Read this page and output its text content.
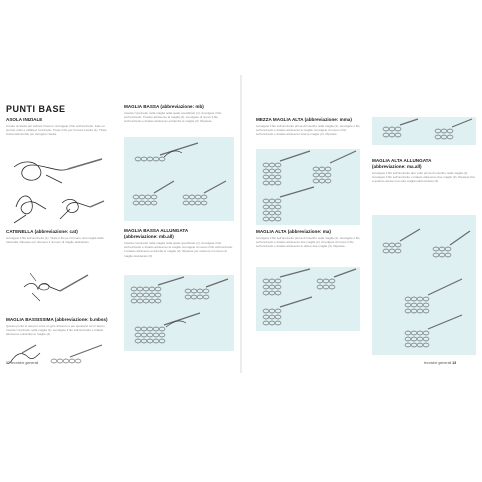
PUNTI BASE
ASOLA INIZIALE
Create un'asola per iniziare il lavoro. Avvolgete il filo sull'uncinetto. Fate un piccolo nodo e infilatevi l'uncinetto. Tirate il filo per formare l'asola (1). Tirate l'estremità del filo per stringere l'asola.
CATENELLA (abbreviazione: cat)
Avvolgete il filo sull'uncinetto (1). Tirate il filo per formare una maglia della catenella. Ripetete per ottenere il numero di maglie desiderato.
MAGLIA BASSISSIMA (abbreviazione: b.mbss)
Questo punto si usa per unire un giro al lavoro o per spostarvi con il lavoro. Inserite l'uncinetto nella maglia (1). Avvolgete il filo sull'uncinetto e tiratelo attraverso entrambe le maglie (2).
MAGLIA BASSA (abbreviazione: mb)
Inserite l'uncinetto nella maglia nella quale specificato (1). Avvolgete il filo sull'uncinetto. Tiratelo attraverso la maglia (2). Avvolgete di nuovo il filo sull'uncinetto e tiratelo attraverso entrambe le maglie (3). Ripetete.
MAGLIA BASSA ALLUNGATA
(abbreviazione: mb.all)
Inserite l'uncinetto nella maglia nella quale specificato (1). Avvolgete il filo sull'uncinetto e tiratelo attraverso la maglia. Avvolgete di nuovo il filo sull'uncinetto e tiratelo attraverso entrambe le maglie (2). Ripetete per ottenere il numero di maglie desiderato (3).
12 tecniche generali
MEZZA MAGLIA ALTA (abbreviazione: mma)
Avvolgete il filo sull'uncinetto prima di inserirlo nella maglia (1). Avvolgete il filo sull'uncinetto e tiratelo attraverso la maglia. Avvolgete di nuovo il filo sull'uncinetto e tiratelo attraverso tutte le maglie (2). Ripetete.
MAGLIA ALTA (abbreviazione: ma)
Avvolgete il filo sull'uncinetto prima di inserirlo nella maglia (1). Avvolgete il filo sull'uncinetto e tiratelo attraverso due maglie (2). Avvolgete di nuovo il filo sull'uncinetto e tiratelo attraverso le ultime due maglie (3). Ripetete.
MAGLIA ALTA ALLUNGATA
(abbreviazione: ma.all)
Avvolgete il filo sull'uncinetto due volte prima di inserirlo nella maglia (1). Avvolgete il filo sull'uncinetto e tiratelo attraverso due maglie (2). Ripetete fino a quando avrete una sola maglia sull'uncinetto (3).
tecniche generali 13
